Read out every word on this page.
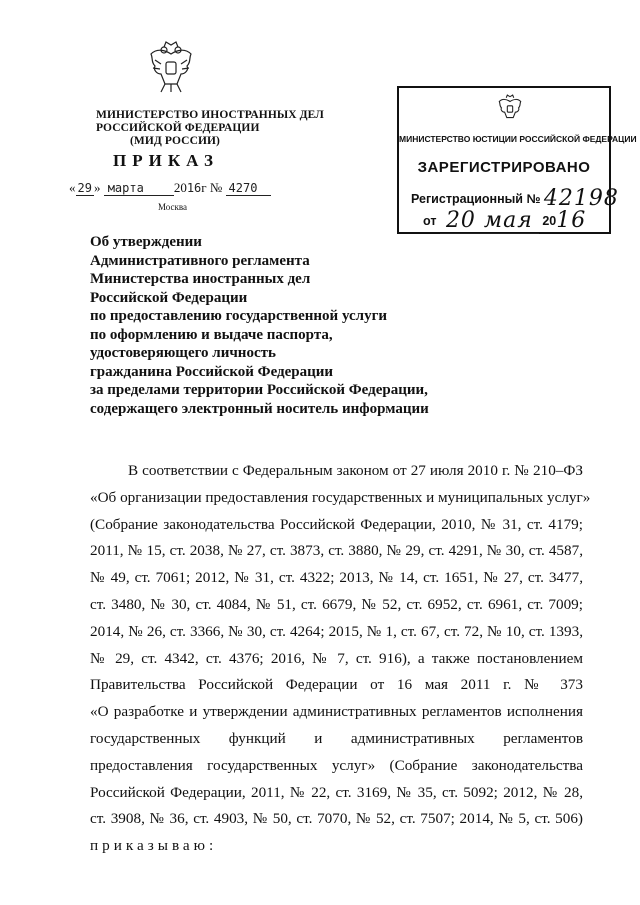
МИНИСТЕРСТВО ИНОСТРАННЫХ ДЕЛ
РОССИЙСКОЙ ФЕДЕРАЦИИ
(МИД РОССИИ)
ПРИКАЗ
« 29 » марта 2016г № 4270
Москва
МИНИСТЕРСТВО ЮСТИЦИИ РОССИЙСКОЙ ФЕДЕРАЦИИ
ЗАРЕГИСТРИРОВАНО
Регистрационный № 42198
от 20 мая 2016
Об утверждении
Административного регламента
Министерства иностранных дел
Российской Федерации
по предоставлению государственной услуги
по оформлению и выдаче паспорта,
удостоверяющего личность
гражданина Российской Федерации
за пределами территории Российской Федерации,
содержащего электронный носитель информации
В соответствии с Федеральным законом от 27 июля 2010 г. № 210–ФЗ
«Об организации предоставления государственных и муниципальных услуг»
(Собрание законодательства Российской Федерации, 2010, № 31, ст. 4179;
2011, № 15, ст. 2038, № 27, ст. 3873, ст. 3880, № 29, ст. 4291, № 30, ст. 4587,
№ 49, ст. 7061; 2012, № 31, ст. 4322; 2013, № 14, ст. 1651, № 27, ст. 3477,
ст. 3480, № 30, ст. 4084, № 51, ст. 6679, № 52, ст. 6952, ст. 6961, ст. 7009;
2014, № 26, ст. 3366, № 30, ст. 4264; 2015, № 1, ст. 67, ст. 72, № 10, ст. 1393,
№ 29, ст. 4342, ст. 4376; 2016, № 7, ст. 916), а также постановлением
Правительства Российской Федерации от 16 мая 2011 г. № 373
«О разработке и утверждении административных регламентов исполнения
государственных функций и административных регламентов
предоставления государственных услуг» (Собрание законодательства
Российской Федерации, 2011, № 22, ст. 3169, № 35, ст. 5092; 2012, № 28,
ст. 3908, № 36, ст. 4903, № 50, ст. 7070, № 52, ст. 7507; 2014, № 5, ст. 506)
приказываю:
